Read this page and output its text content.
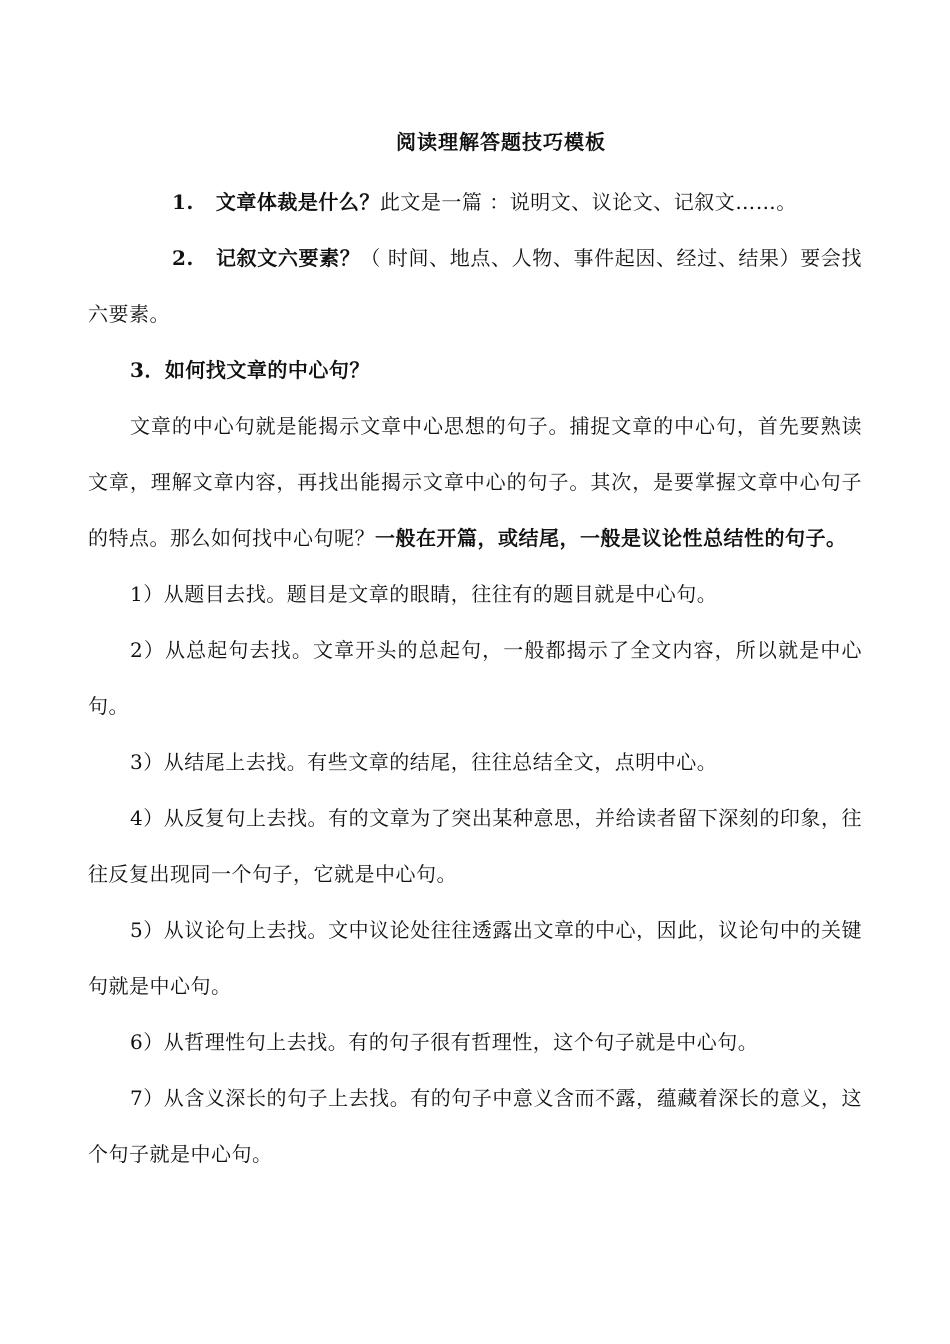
阅读理解答题技巧模板

1. 文章体裁是什么？此文是一篇 ：说明文、议论文、记叙文……。

2. 记叙文六要素？（ 时间、地点、人物、事件起因、经过、结果）要会找六要素。

3．如何找文章的中心句？

文章的中心句就是能揭示文章中心思想的句子。捕捉文章的中心句，首先要熟读文章，理解文章内容，再找出能揭示文章中心的句子。其次，是要掌握文章中心句子的特点。那么如何找中心句呢？一般在开篇，或结尾，一般是议论性总结性的句子。

1）从题目去找。题目是文章的眼睛，往往有的题目就是中心句。

2）从总起句去找。文章开头的总起句，一般都揭示了全文内容，所以就是中心句。

3）从结尾上去找。有些文章的结尾，往往总结全文，点明中心。

4）从反复句上去找。有的文章为了突出某种意思，并给读者留下深刻的印象，往往反复出现同一个句子，它就是中心句。

5）从议论句上去找。文中议论处往往透露出文章的中心，因此，议论句中的关键句就是中心句。

6）从哲理性句上去找。有的句子很有哲理性，这个句子就是中心句。

7）从含义深长的句子上去找。有的句子中意义含而不露，蕴藏着深长的意义，这个句子就是中心句。
